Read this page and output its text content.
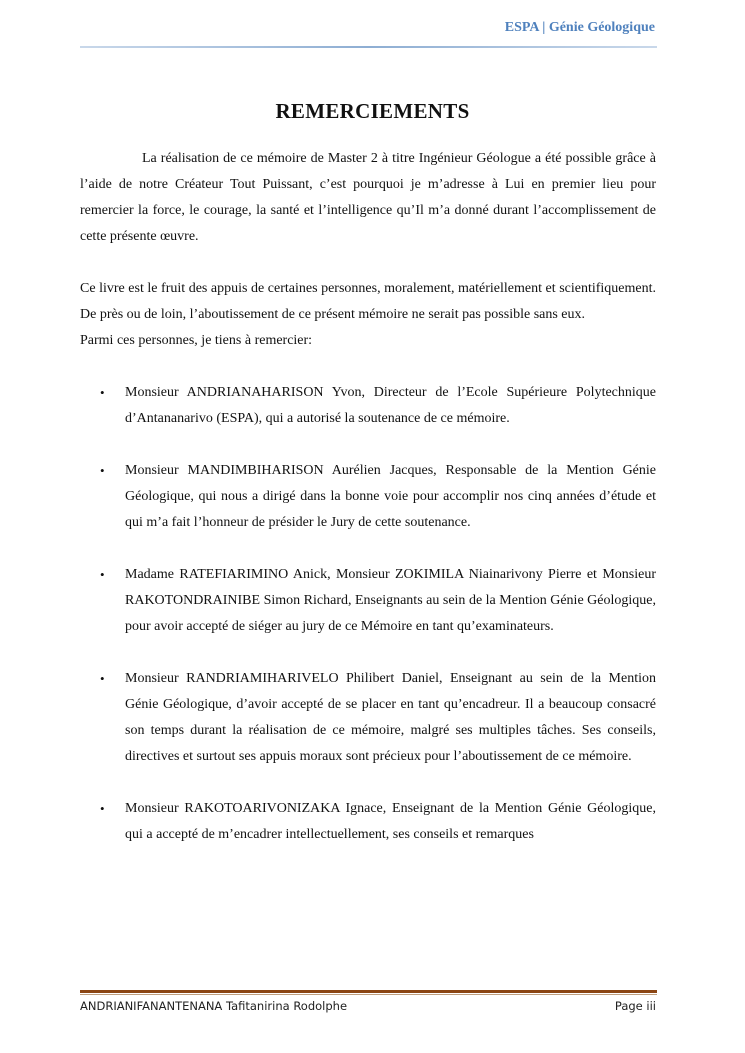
ESPA | Génie Géologique
REMERCIEMENTS

La réalisation de ce mémoire de Master 2 à titre Ingénieur Géologue a été possible grâce à l’aide de notre Créateur Tout Puissant, c’est pourquoi je m’adresse à Lui en premier lieu pour remercier la force, le courage, la santé et l’intelligence qu’Il m’a donné durant l’accomplissement de cette présente œuvre.

Ce livre est le fruit des appuis de certaines personnes, moralement, matériellement et scientifiquement. De près ou de loin, l’aboutissement de ce présent mémoire ne serait pas possible sans eux.

Parmi ces personnes, je tiens à remercier:

• Monsieur ANDRIANAHARISON Yvon, Directeur de l’Ecole Supérieure Polytechnique d’Antananarivo (ESPA), qui a autorisé la soutenance de ce mémoire.
• Monsieur MANDIMBIHARISON Aurélien Jacques, Responsable de la Mention Génie Géologique, qui nous a dirigé dans la bonne voie pour accomplir nos cinq années d’étude et qui m’a fait l’honneur de présider le Jury de cette soutenance.
• Madame RATEFIARIMINO Anick, Monsieur ZOKIMILA Niainarivony Pierre et Monsieur RAKOTONDRAINIBE Simon Richard, Enseignants au sein de la Mention Génie Géologique, pour avoir accepté de siéger au jury de ce Mémoire en tant qu’examinateurs.
• Monsieur RANDRIAMIHARIVELO Philibert Daniel, Enseignant au sein de la Mention Génie Géologique, d’avoir accepté de se placer en tant qu’encadreur. Il a beaucoup consacré son temps durant la réalisation de ce mémoire, malgré ses multiples tâches. Ses conseils, directives et surtout ses appuis moraux sont précieux pour l’aboutissement de ce mémoire.
• Monsieur RAKOTOARIVONIZAKA Ignace, Enseignant de la Mention Génie Géologique, qui a accepté de m’encadrer intellectuellement, ses conseils et remarques
ANDRIANIFANANTENANA Tafitanirina Rodolphe	Page iii
